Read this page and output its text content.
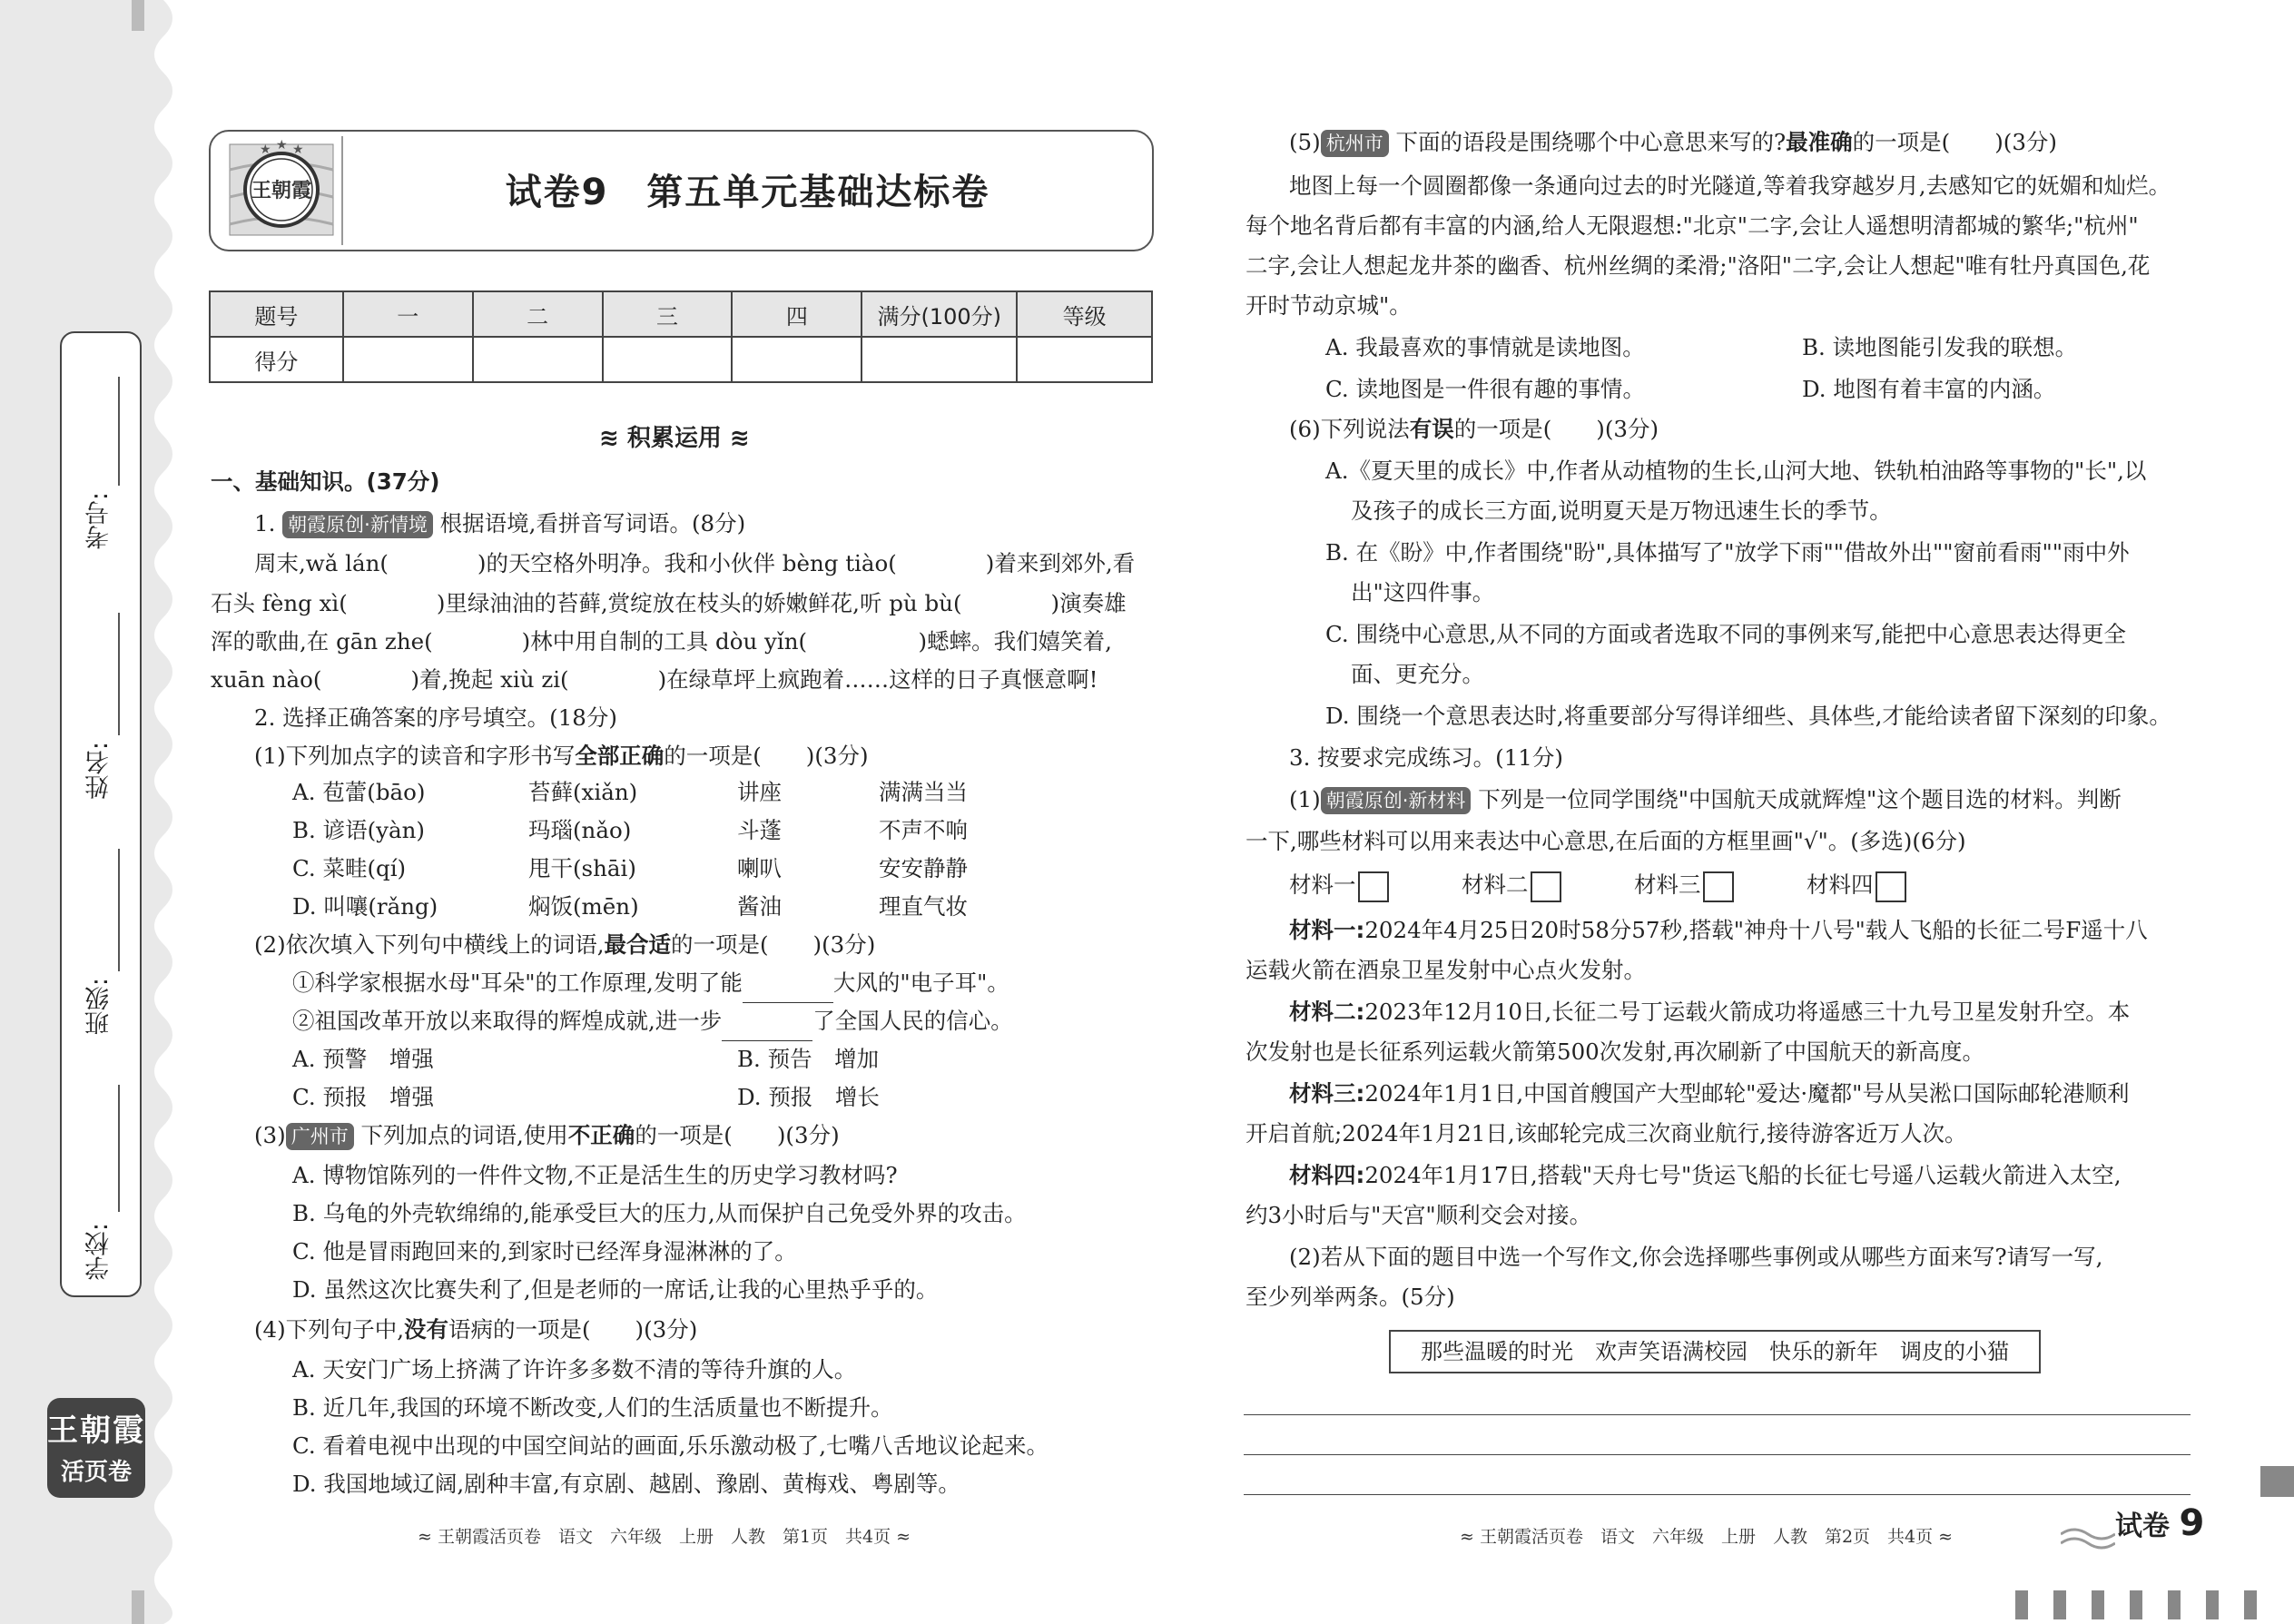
考号:
姓名:
班级:
学校:
王朝霞
活页卷
王朝霞
★ ★ ★
试卷9　第五单元基础达标卷
题号	一	二	三	四	满分(100分)	等级
得分						
≋ 积累运用 ≋
一、基础知识。(37分)
1. 朝霞原创·新情境 根据语境,看拼音写词语。(8分)
周末,wǎ lán(　　　　)的天空格外明净。我和小伙伴 bèng tiào(　　　　)着来到郊外,看
石头 fèng xì(　　　　)里绿油油的苔藓,赏绽放在枝头的娇嫩鲜花,听 pù bù(　　　　)演奏雄
浑的歌曲,在 gān zhe(　　　　)林中用自制的工具 dòu yǐn(　　　　　)蟋蟀。我们嬉笑着,
xuān nào(　　　　)着,挽起 xiù zi(　　　　)在绿草坪上疯跑着……这样的日子真惬意啊!
2. 选择正确答案的序号填空。(18分)
(1)下列加点字的读音和字形书写全部正确的一项是(　　)(3分)
A. 苞蕾(bāo)	苔藓(xiǎn)	讲座	满满当当
B. 谚语(yàn)	玛瑙(nǎo)	斗蓬	不声不响
C. 菜畦(qí)	甩干(shāi)	喇叭	安安静静
D. 叫嚷(rǎng)	焖饭(mēn)	酱油	理直气妆
(2)依次填入下列句中横线上的词语,最合适的一项是(　　)(3分)
①科学家根据水母"耳朵"的工作原理,发明了能	大风的"电子耳"。
②祖国改革开放以来取得的辉煌成就,进一步	了全国人民的信心。
A. 预警　增强	B. 预告　增加
C. 预报　增强	D. 预报　增长
(3) 广州市 下列加点的词语,使用不正确的一项是(　　)(3分)
A. 博物馆陈列的一件件文物,不正是活生生的历史学习教材吗?
B. 乌龟的外壳软绵绵的,能承受巨大的压力,从而保护自己免受外界的攻击。
C. 他是冒雨跑回来的,到家时已经浑身湿淋淋的了。
D. 虽然这次比赛失利了,但是老师的一席话,让我的心里热乎乎的。
(4)下列句子中,没有语病的一项是(　　)(3分)
A. 天安门广场上挤满了许许多多数不清的等待升旗的人。
B. 近几年,我国的环境不断改变,人们的生活质量也不断提升。
C. 看着电视中出现的中国空间站的画面,乐乐激动极了,七嘴八舌地议论起来。
D. 我国地域辽阔,剧种丰富,有京剧、越剧、豫剧、黄梅戏、粤剧等。
≈ 王朝霞活页卷　语文　六年级　上册　人教　第1页　共4页 ≈
(5) 杭州市 下面的语段是围绕哪个中心意思来写的?最准确的一项是(　　)(3分)
地图上每一个圆圈都像一条通向过去的时光隧道,等着我穿越岁月,去感知它的妩媚和灿烂。
每个地名背后都有丰富的内涵,给人无限遐想:"北京"二字,会让人遥想明清都城的繁华;"杭州"
二字,会让人想起龙井茶的幽香、杭州丝绸的柔滑;"洛阳"二字,会让人想起"唯有牡丹真国色,花
开时节动京城"。
A. 我最喜欢的事情就是读地图。	B. 读地图能引发我的联想。
C. 读地图是一件很有趣的事情。	D. 地图有着丰富的内涵。
(6)下列说法有误的一项是(　　)(3分)
A.《夏天里的成长》中,作者从动植物的生长,山河大地、铁轨柏油路等事物的"长",以
及孩子的成长三方面,说明夏天是万物迅速生长的季节。
B. 在《盼》中,作者围绕"盼",具体描写了"放学下雨""借故外出""窗前看雨""雨中外
出"这四件事。
C. 围绕中心意思,从不同的方面或者选取不同的事例来写,能把中心意思表达得更全
面、更充分。
D. 围绕一个意思表达时,将重要部分写得详细些、具体些,才能给读者留下深刻的印象。
3. 按要求完成练习。(11分)
(1) 朝霞原创·新材料 下列是一位同学围绕"中国航天成就辉煌"这个题目选的材料。判断
一下,哪些材料可以用来表达中心意思,在后面的方框里画"√"。(多选)(6分)
材料一	材料二	材料三	材料四
材料一:2024年4月25日20时58分57秒,搭载"神舟十八号"载人飞船的长征二号F遥十八
运载火箭在酒泉卫星发射中心点火发射。
材料二:2023年12月10日,长征二号丁运载火箭成功将遥感三十九号卫星发射升空。本
次发射也是长征系列运载火箭第500次发射,再次刷新了中国航天的新高度。
材料三:2024年1月1日,中国首艘国产大型邮轮"爱达·魔都"号从吴淞口国际邮轮港顺利
开启首航;2024年1月21日,该邮轮完成三次商业航行,接待游客近万人次。
材料四:2024年1月17日,搭载"天舟七号"货运飞船的长征七号遥八运载火箭进入太空,
约3小时后与"天宫"顺利交会对接。
(2)若从下面的题目中选一个写作文,你会选择哪些事例或从哪些方面来写?请写一写,
至少列举两条。(5分)
那些温暖的时光　欢声笑语满校园　快乐的新年　调皮的小猫
≈ 王朝霞活页卷　语文　六年级　上册　人教　第2页　共4页 ≈	试卷 9
